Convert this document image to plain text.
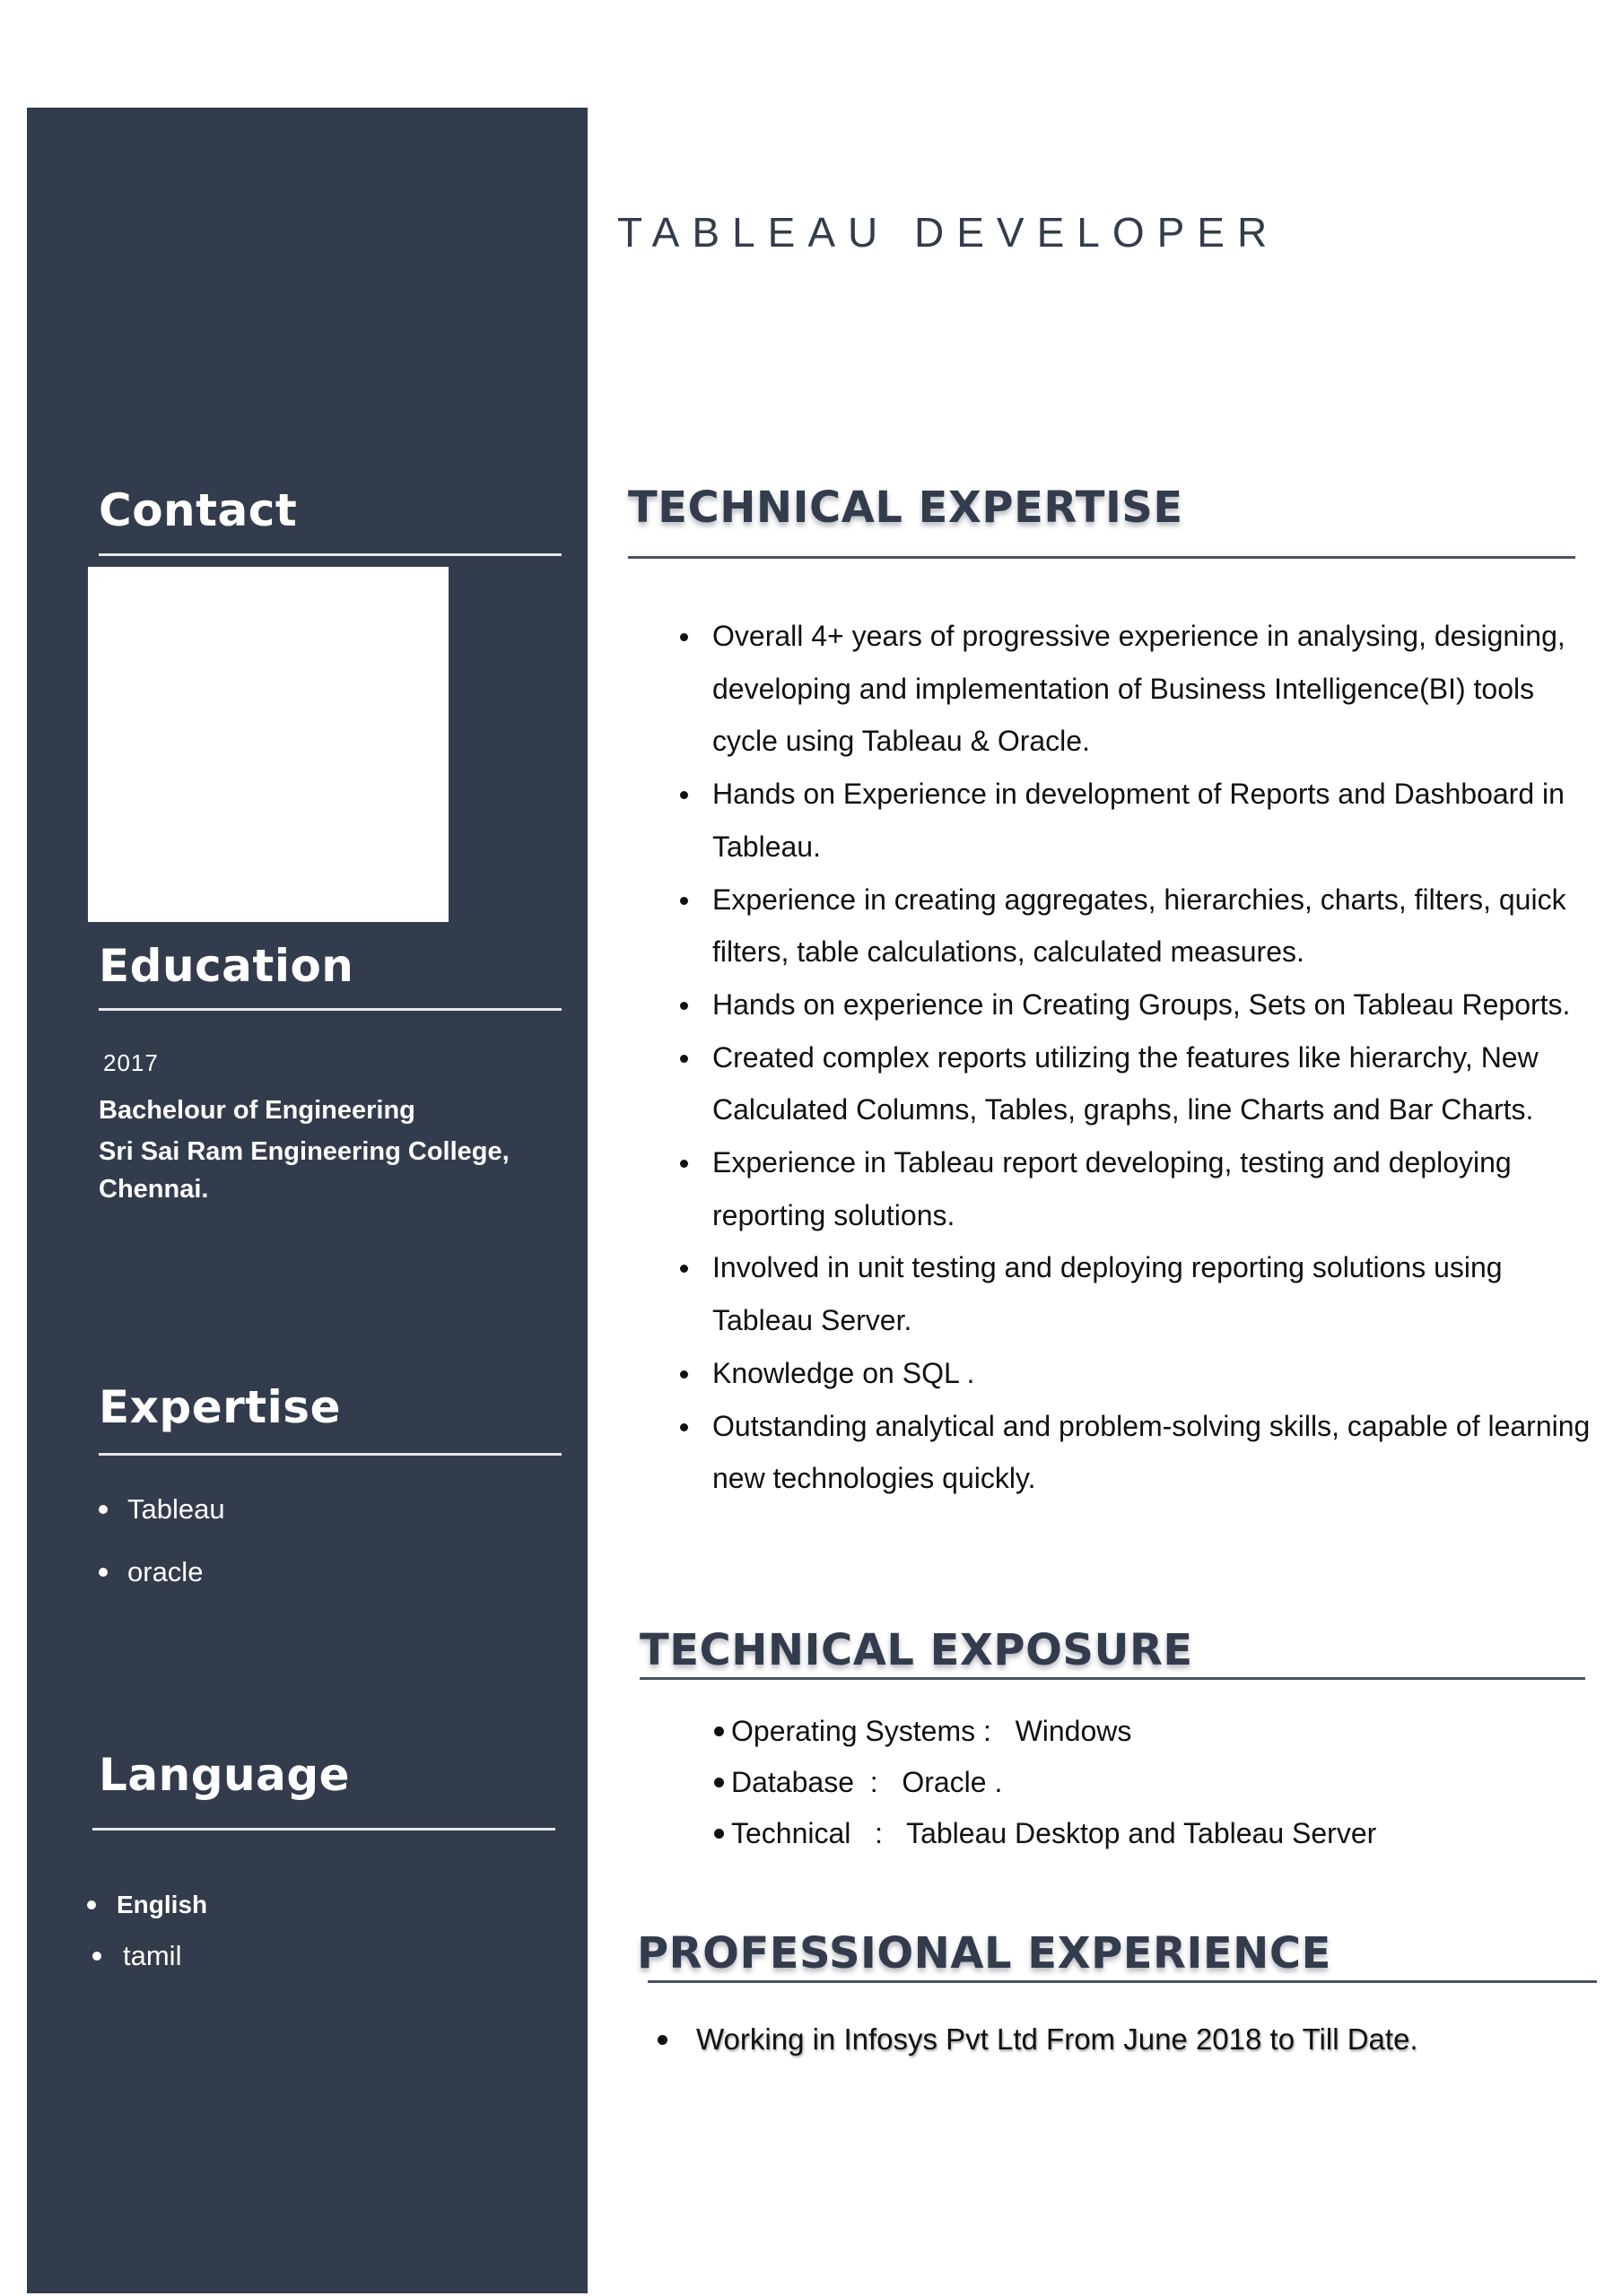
Contact
Education
2017
Bachelour of Engineering
Sri Sai Ram Engineering College,
Chennai.
Expertise
Tableau
oracle
Language
English
tamil
TABLEAU DEVELOPER
TECHNICAL EXPERTISE
Overall 4+ years of progressive experience in analysing, designing, developing and implementation of Business Intelligence(BI) tools cycle using Tableau & Oracle.
Hands on Experience in development of Reports and Dashboard in Tableau.
Experience in creating aggregates, hierarchies, charts, filters, quick filters, table calculations, calculated measures.
Hands on experience in Creating Groups, Sets on Tableau Reports.
Created complex reports utilizing the features like hierarchy, New Calculated Columns, Tables, graphs, line Charts and Bar Charts.
Experience in Tableau report developing, testing and deploying reporting solutions.
Involved in unit testing and deploying reporting solutions using Tableau Server.
Knowledge on SQL .
Outstanding analytical and problem-solving skills, capable of learning new technologies quickly.
TECHNICAL EXPOSURE
Operating Systems :   Windows
Database  :   Oracle .
Technical   :   Tableau Desktop and Tableau Server
PROFESSIONAL EXPERIENCE
Working in Infosys Pvt Ltd From June 2018 to Till Date.
